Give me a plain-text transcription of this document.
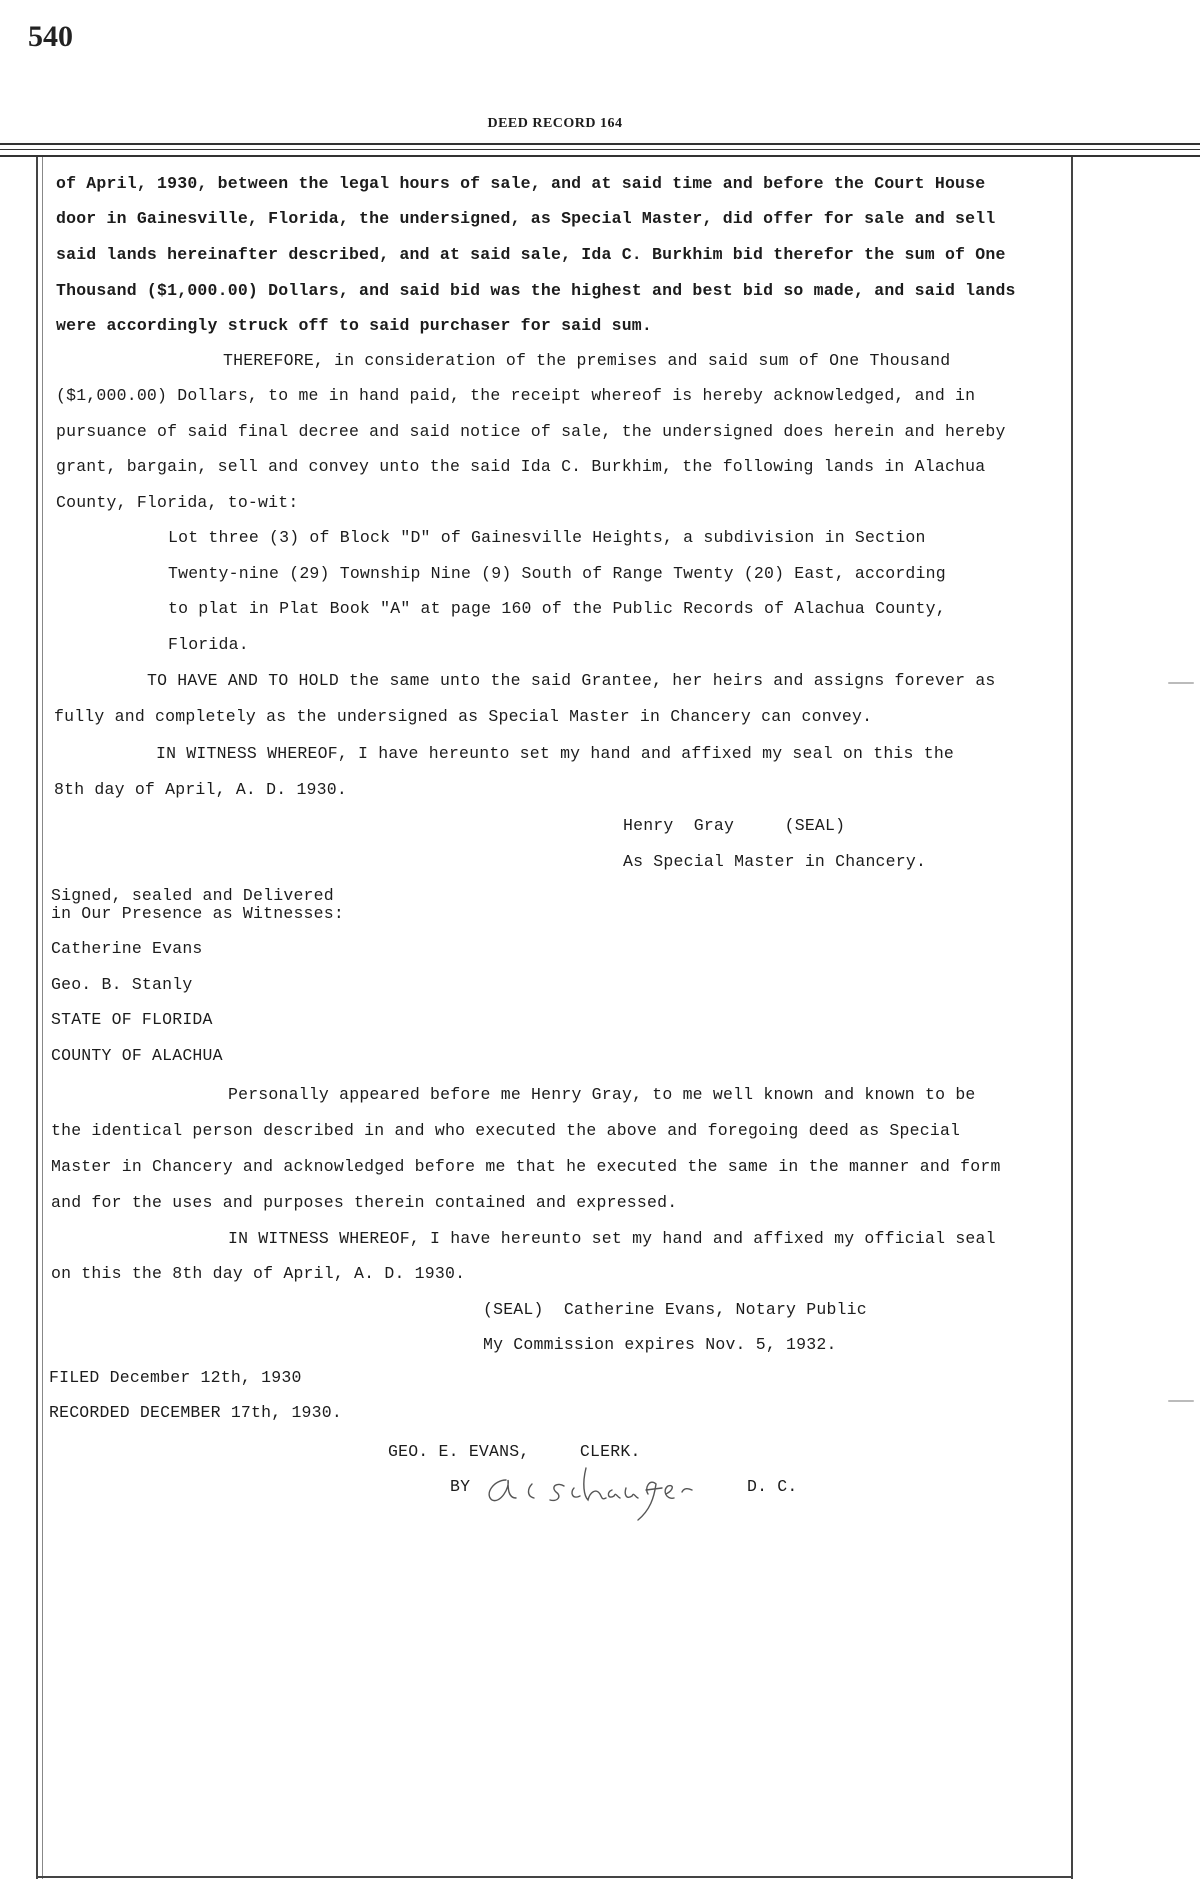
540
DEED RECORD 164
of April, 1930, between the legal hours of sale, and at said time and before the Court House
door in Gainesville, Florida, the undersigned, as Special Master, did offer for sale and sell
said lands hereinafter described, and at said sale, Ida C. Burkhim bid therefor the sum of One
Thousand ($1,000.00) Dollars, and said bid was the highest and best bid so made, and said lands
were accordingly struck off to said purchaser for said sum.
THEREFORE, in consideration of the premises and said sum of One Thousand
($1,000.00) Dollars, to me in hand paid, the receipt whereof is hereby acknowledged, and in
pursuance of said final decree and said notice of sale, the undersigned does herein and hereby
grant, bargain, sell and convey unto the said Ida C. Burkhim, the following lands in Alachua
County, Florida, to-wit:
Lot three (3) of Block "D" of Gainesville Heights, a subdivision in Section
Twenty-nine (29) Township Nine (9) South of Range Twenty (20) East, according
to plat in Plat Book "A" at page 160 of the Public Records of Alachua County,
Florida.
TO HAVE AND TO HOLD the same unto the said Grantee, her heirs and assigns forever as
fully and completely as the undersigned as Special Master in Chancery can convey.
IN WITNESS WHEREOF, I have hereunto set my hand and affixed my seal on this the
8th day of April, A. D. 1930.
Henry  Gray     (SEAL)
As Special Master in Chancery.
Signed, sealed and Delivered
in Our Presence as Witnesses:
Catherine Evans
Geo. B. Stanly
STATE OF FLORIDA
COUNTY OF ALACHUA
Personally appeared before me Henry Gray, to me well known and known to be
the identical person described in and who executed the above and foregoing deed as Special
Master in Chancery and acknowledged before me that he executed the same in the manner and form
and for the uses and purposes therein contained and expressed.
IN WITNESS WHEREOF, I have hereunto set my hand and affixed my official seal
on this the 8th day of April, A. D. 1930.
(SEAL)  Catherine Evans, Notary Public
My Commission expires Nov. 5, 1932.
FILED December 12th, 1930
RECORDED DECEMBER 17th, 1930.
GEO. E. EVANS,     CLERK.
BY	D. C.
